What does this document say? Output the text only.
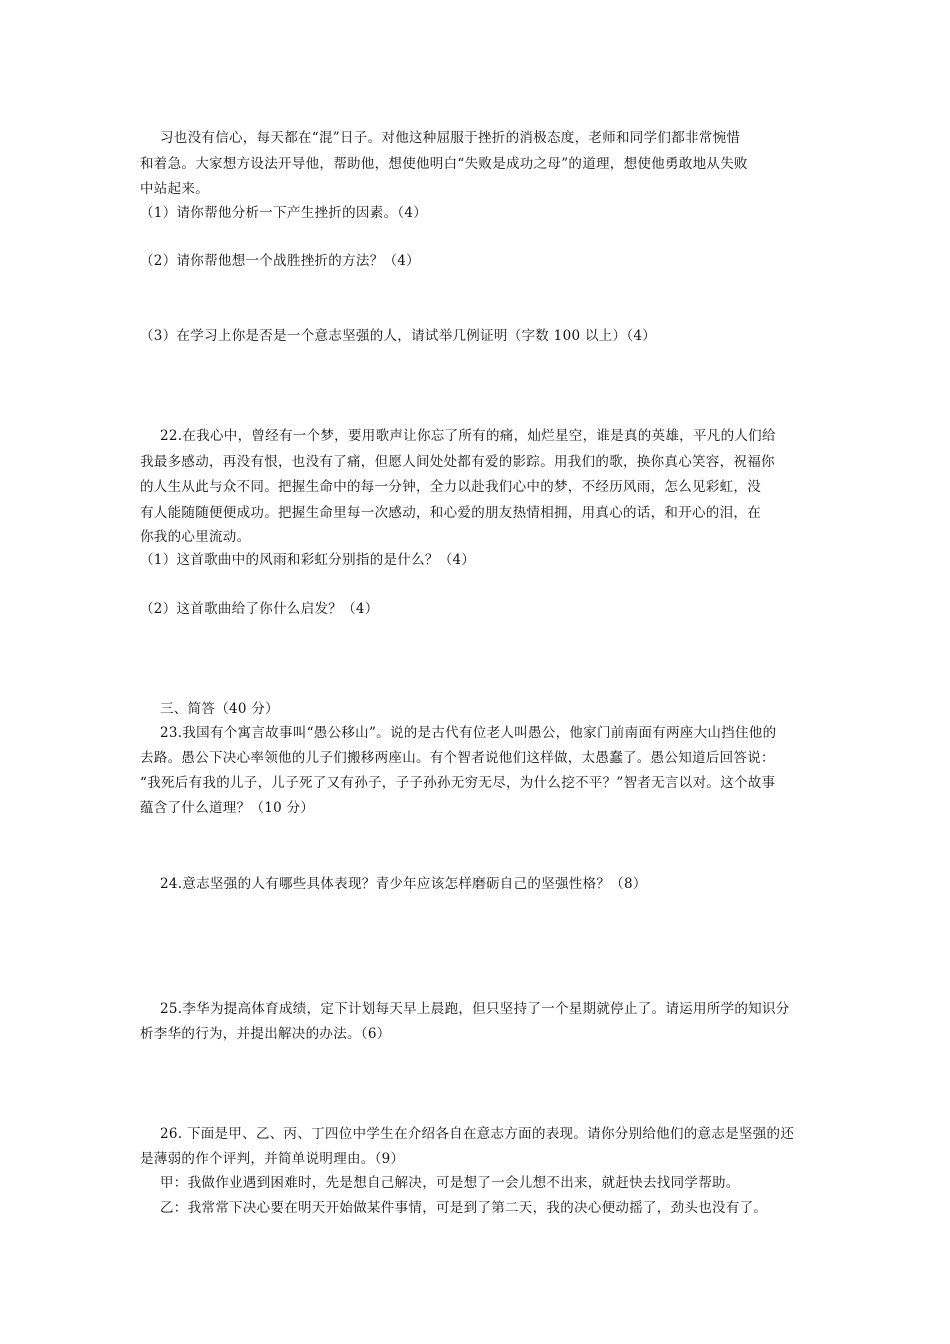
习也没有信心，每天都在“混”日子。对他这种屈服于挫折的消极态度，老师和同学们都非常惋惜
和着急。大家想方设法开导他，帮助他，想使他明白“失败是成功之母”的道理，想使他勇敢地从失败
中站起来。
（1）请你帮他分析一下产生挫折的因素。（4）
（2）请你帮他想一个战胜挫折的方法？（4）
（3）在学习上你是否是一个意志坚强的人，请试举几例证明（字数 100 以上）（4）
22.在我心中，曾经有一个梦，要用歌声让你忘了所有的痛，灿烂星空，谁是真的英雄，平凡的人们给
我最多感动，再没有恨，也没有了痛，但愿人间处处都有爱的影踪。用我们的歌，换你真心笑容，祝福你
的人生从此与众不同。把握生命中的每一分钟，全力以赴我们心中的梦，不经历风雨，怎么见彩虹，没
有人能随随便便成功。把握生命里每一次感动，和心爱的朋友热情相拥，用真心的话，和开心的泪，在
你我的心里流动。
（1）这首歌曲中的风雨和彩虹分别指的是什么？（4）
（2）这首歌曲给了你什么启发？（4）
三、简答（40 分）
23.我国有个寓言故事叫“愚公移山”。说的是古代有位老人叫愚公，他家门前南面有两座大山挡住他的
去路。愚公下决心率领他的儿子们搬移两座山。有个智者说他们这样做，太愚蠢了。愚公知道后回答说：
“我死后有我的儿子，儿子死了又有孙子，子子孙孙无穷无尽，为什么挖不平？”智者无言以对。这个故事
蕴含了什么道理？（10 分）
24.意志坚强的人有哪些具体表现？青少年应该怎样磨砺自己的坚强性格？（8）
25.李华为提高体育成绩，定下计划每天早上晨跑，但只坚持了一个星期就停止了。请运用所学的知识分
析李华的行为，并提出解决的办法。（6）
26. 下面是甲、乙、丙、丁四位中学生在介绍各自在意志方面的表现。请你分别给他们的意志是坚强的还
是薄弱的作个评判，并简单说明理由。（9）
甲：我做作业遇到困难时，先是想自己解决，可是想了一会儿想不出来，就赶快去找同学帮助。
乙：我常常下决心要在明天开始做某件事情，可是到了第二天，我的决心便动摇了，劲头也没有了。
